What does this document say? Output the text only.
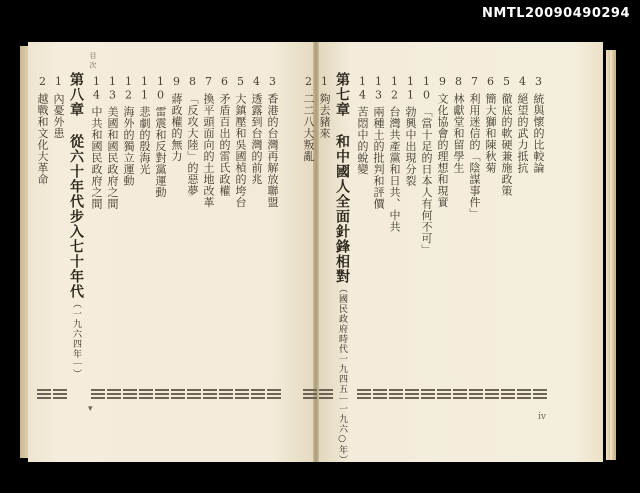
NMTL20090490294
3統與懷的比較論
4絕望的武力抵抗
5徹底的軟硬兼施政策
6簡大獅和陳秋菊
7利用迷信的「陰謀事件」
8林獻堂和留學生
9文化協會的理想和現實
10「當十足的日本人有何不可」
11勃興中出現分裂
12台灣共產黨和日共、中共
13兩種土的批判和評價
14苦悶中的蛻變
第七章 和中國人全面針鋒相對（國民政府時代一九四五｜一九六○年）
1夠去豬來
2二二八大叛亂
3香港的台灣再解放聯盟
4透露到台灣的前兆
5大鎮壓和吳國楨的垮台
6矛盾百出的雷氏政權
7換平頭面向的土地改革
8「反攻大陸」的惡夢
9蔣政權的無力
10雷震和反對黨運動
11悲劇的殷海光
12海外的獨立運動
13美國和國民政府之間
14中共和國民政府之間
第八章 從六十年代步入七十年代（一九六四年｜）
1內憂外患
2越戰和文化大革命
目 次
▾
iv
